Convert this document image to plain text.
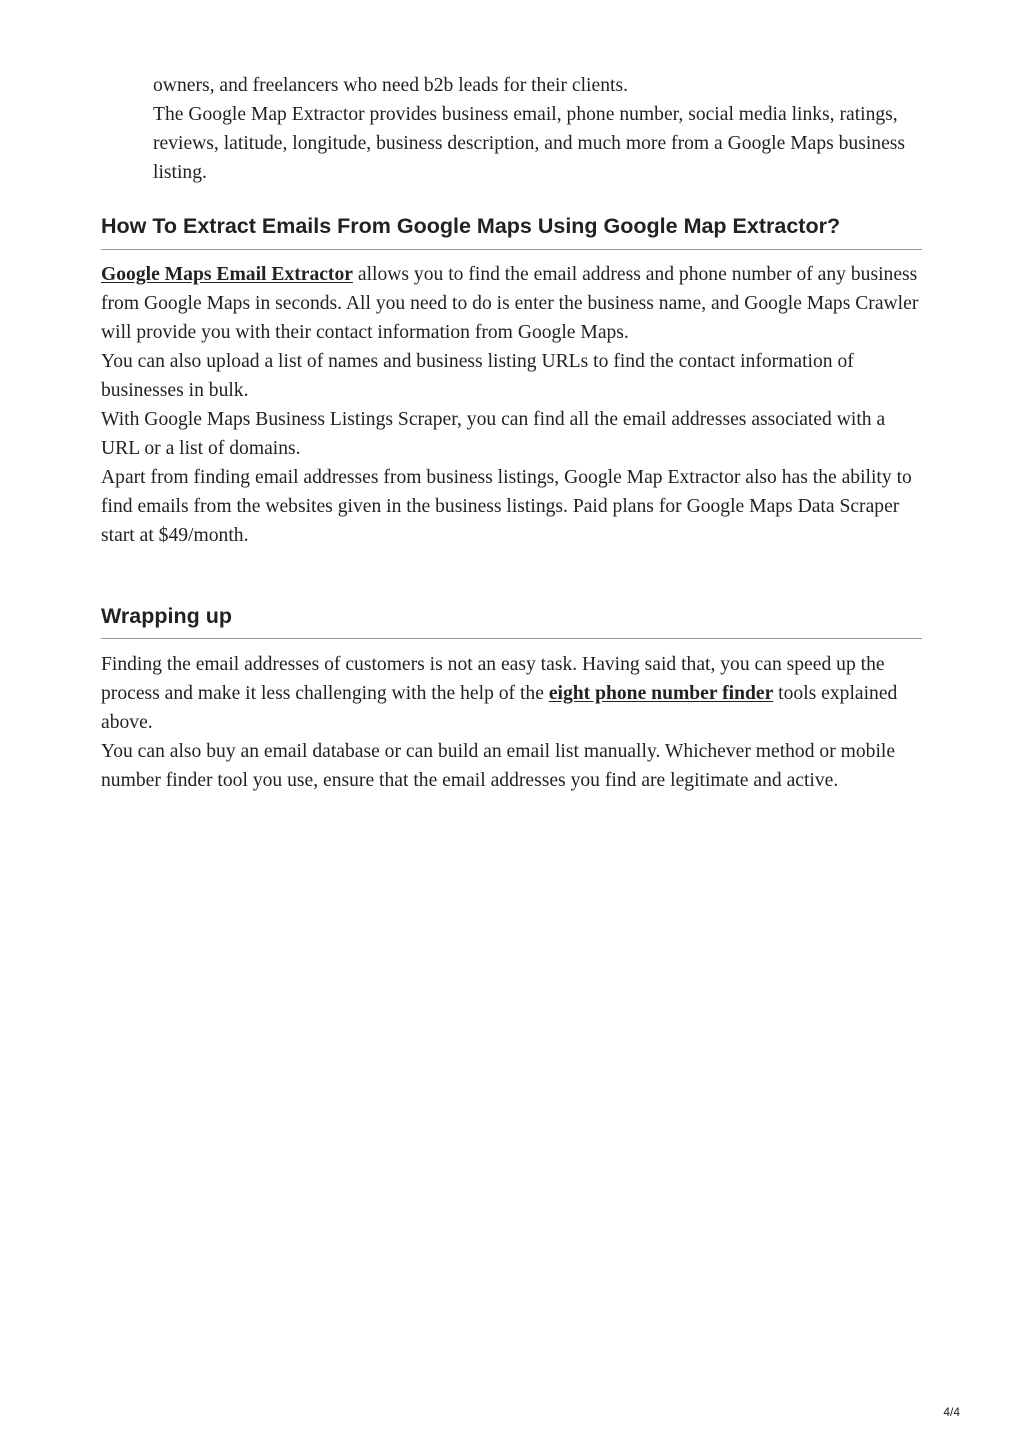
owners, and freelancers who need b2b leads for their clients.

The Google Map Extractor provides business email, phone number, social media links, ratings, reviews, latitude, longitude, business description, and much more from a Google Maps business listing.

How To Extract Emails From Google Maps Using Google Map Extractor?

Google Maps Email Extractor allows you to find the email address and phone number of any business from Google Maps in seconds. All you need to do is enter the business name, and Google Maps Crawler will provide you with their contact information from Google Maps.

You can also upload a list of names and business listing URLs to find the contact information of businesses in bulk.

With Google Maps Business Listings Scraper, you can find all the email addresses associated with a URL or a list of domains.

Apart from finding email addresses from business listings, Google Map Extractor also has the ability to find emails from the websites given in the business listings. Paid plans for Google Maps Data Scraper start at $49/month.

Wrapping up

Finding the email addresses of customers is not an easy task. Having said that, you can speed up the process and make it less challenging with the help of the eight phone number finder tools explained above.

You can also buy an email database or can build an email list manually. Whichever method or mobile number finder tool you use, ensure that the email addresses you find are legitimate and active.

4/4
